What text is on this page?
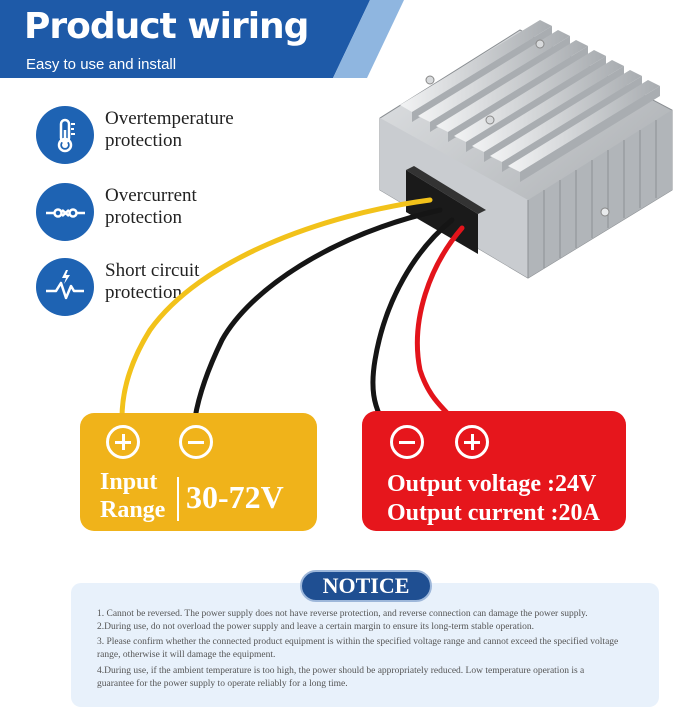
Product wiring
Easy to use and install
Overtemperature
protection
Overcurrent
protection
Short circuit
protection
Input
Range 30-72V	Output voltage :24V
Output current :20A
NOTICE
1. Cannot be reversed. The power supply does not have reverse protection, and reverse connection can damage the power supply.
2.During use, do not overload the power supply and leave a certain margin to ensure its long-term stable operation.
3. Please confirm whether the connected product equipment is within the specified voltage range and cannot exceed the specified voltage range, otherwise it will damage the equipment.
4.During use, if the ambient temperature is too high, the power should be appropriately reduced. Low temperature operation is a guarantee for the power supply to operate reliably for a long time.
